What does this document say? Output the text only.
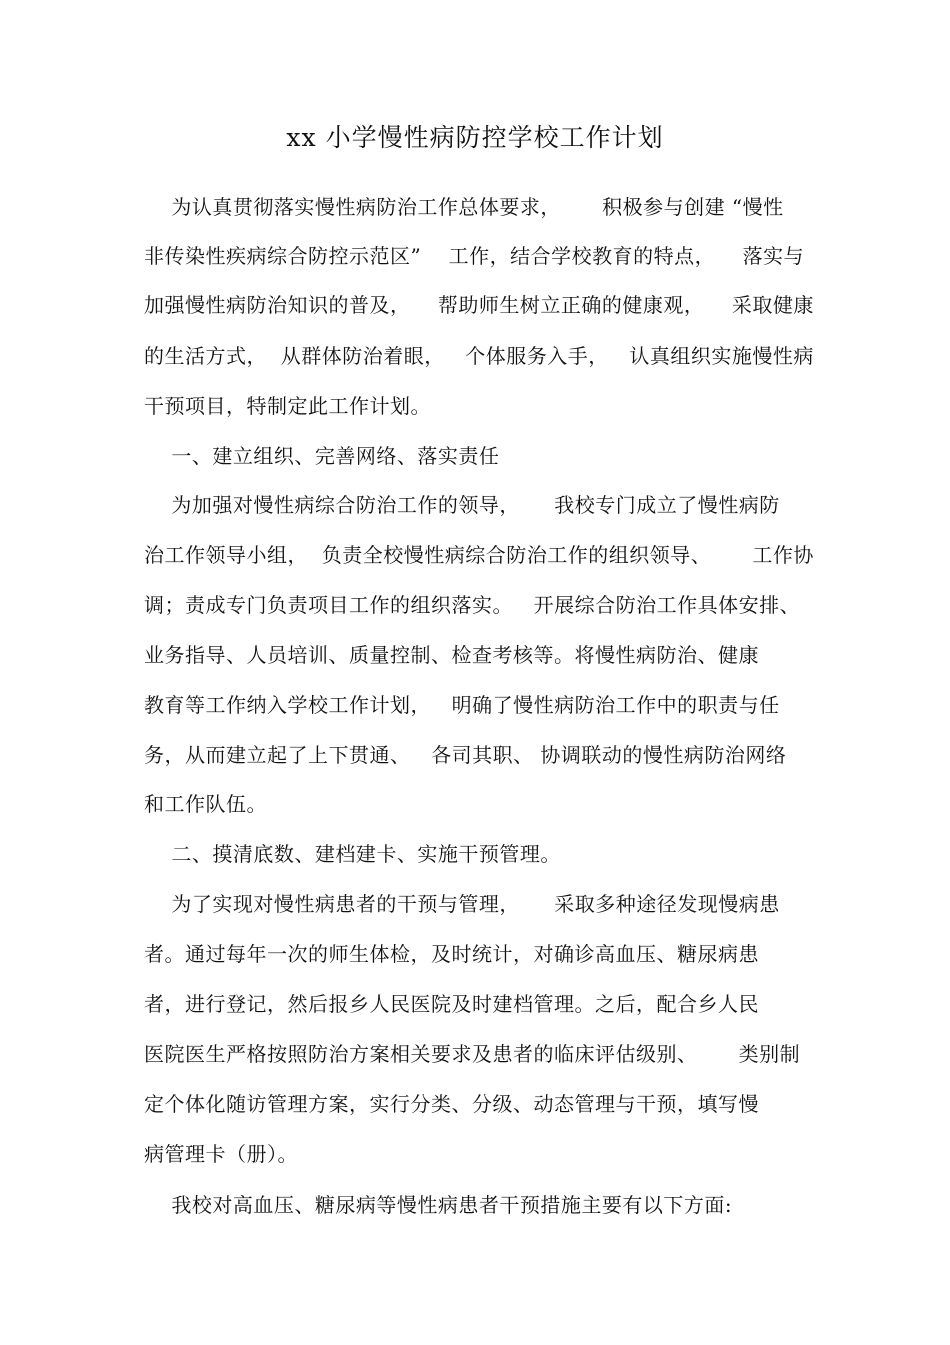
xx 小学慢性病防控学校工作计划
为认真贯彻落实慢性病防治工作总体要求，      积极参与创建 “慢性
非传染性疾病综合防控示范区”    工作，结合学校教育的特点，    落实与
加强慢性病防治知识的普及，    帮助师生树立正确的健康观，    采取健康
的生活方式，  从群体防治着眼，   个体服务入手，   认真组织实施慢性病
干预项目，特制定此工作计划。
一、建立组织、完善网络、落实责任
为加强对慢性病综合防治工作的领导，     我校专门成立了慢性病防
治工作领导小组，  负责全校慢性病综合防治工作的组织领导、      工作协
调；责成专门负责项目工作的组织落实。   开展综合防治工作具体安排、
业务指导、人员培训、质量控制、检查考核等。将慢性病防治、健康
教育等工作纳入学校工作计划，   明确了慢性病防治工作中的职责与任
务，从而建立起了上下贯通、   各司其职、 协调联动的慢性病防治网络
和工作队伍。
二、摸清底数、建档建卡、实施干预管理。
为了实现对慢性病患者的干预与管理，     采取多种途径发现慢病患
者。通过每年一次的师生体检，及时统计，对确诊高血压、糖尿病患
者，进行登记，然后报乡人民医院及时建档管理。之后，配合乡人民
医院医生严格按照防治方案相关要求及患者的临床评估级别、      类别制
定个体化随访管理方案，实行分类、分级、动态管理与干预，填写慢
病管理卡（册）。
我校对高血压、糖尿病等慢性病患者干预措施主要有以下方面:
